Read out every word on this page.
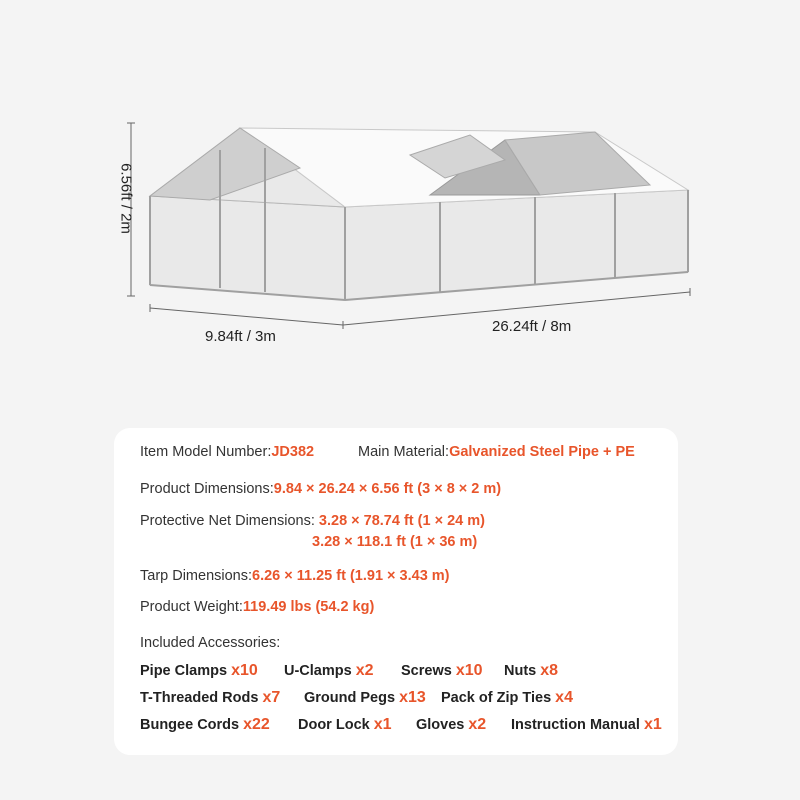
6.56ft / 2m
9.84ft / 3m
26.24ft / 8m
Item Model Number:JD382	Main Material:Galvanized Steel Pipe + PE
Product Dimensions:9.84 × 26.24 × 6.56 ft (3 × 8 × 2 m)
Protective Net Dimensions: 3.28 × 78.74 ft (1 × 24 m)
3.28 × 118.1 ft (1 × 36 m)
Tarp Dimensions:6.26 × 11.25 ft (1.91 × 3.43 m)
Product Weight:119.49 lbs (54.2 kg)
Included Accessories:
Pipe Clamps x10 U-Clamps x2 Screws x10 Nuts x8
T-Threaded Rods x7 Ground Pegs x13 Pack of Zip Ties x4
Bungee Cords x22 Door Lock x1 Gloves x2 Instruction Manual x1
